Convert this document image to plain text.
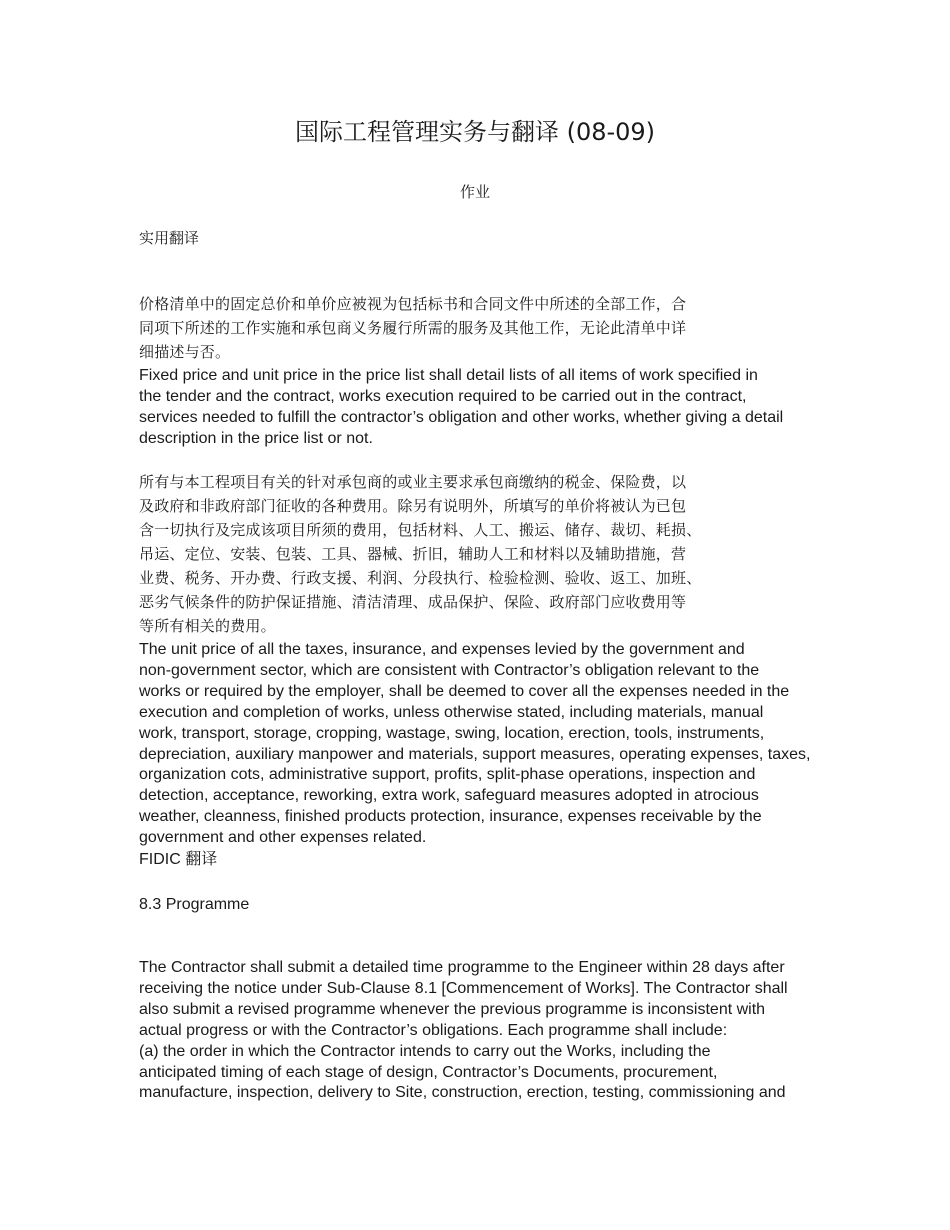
国际工程管理实务与翻译 (08-09)
作业
实用翻译
价格清单中的固定总价和单价应被视为包括标书和合同文件中所述的全部工作，合
同项下所述的工作实施和承包商义务履行所需的服务及其他工作，无论此清单中详
细描述与否。
Fixed price and unit price in the price list shall detail lists of all items of work specified in
the tender and the contract, works execution required to be carried out in the contract,
services needed to fulfill the contractor’s obligation and other works, whether giving a detail
description in the price list or not.
所有与本工程项目有关的针对承包商的或业主要求承包商缴纳的税金、保险费，以
及政府和非政府部门征收的各种费用。除另有说明外，所填写的单价将被认为已包
含一切执行及完成该项目所须的费用，包括材料、人工、搬运、储存、裁切、耗损、
吊运、定位、安装、包装、工具、器械、折旧，辅助人工和材料以及辅助措施，营
业费、税务、开办费、行政支援、利润、分段执行、检验检测、验收、返工、加班、
恶劣气候条件的防护保证措施、清洁清理、成品保护、保险、政府部门应收费用等
等所有相关的费用。
The unit price of all the taxes, insurance, and expenses levied by the government and
non-government sector, which are consistent with Contractor’s obligation relevant to the
works or required by the employer, shall be deemed to cover all the expenses needed in the
execution and completion of works, unless otherwise stated, including materials, manual
work, transport, storage, cropping, wastage, swing, location, erection, tools, instruments,
depreciation, auxiliary manpower and materials, support measures, operating expenses, taxes,
organization cots, administrative support, profits, split-phase operations, inspection and
detection, acceptance, reworking, extra work, safeguard measures adopted in atrocious
weather, cleanness, finished products protection, insurance, expenses receivable by the
government and other expenses related.
FIDIC 翻译
8.3 Programme
The Contractor shall submit a detailed time programme to the Engineer within 28 days after
receiving the notice under Sub-Clause 8.1 [Commencement of Works]. The Contractor shall
also submit a revised programme whenever the previous programme is inconsistent with
actual progress or with the Contractor’s obligations. Each programme shall include:
(a) the order in which the Contractor intends to carry out the Works, including the
anticipated timing of each stage of design, Contractor’s Documents, procurement,
manufacture, inspection, delivery to Site, construction, erection, testing, commissioning and
